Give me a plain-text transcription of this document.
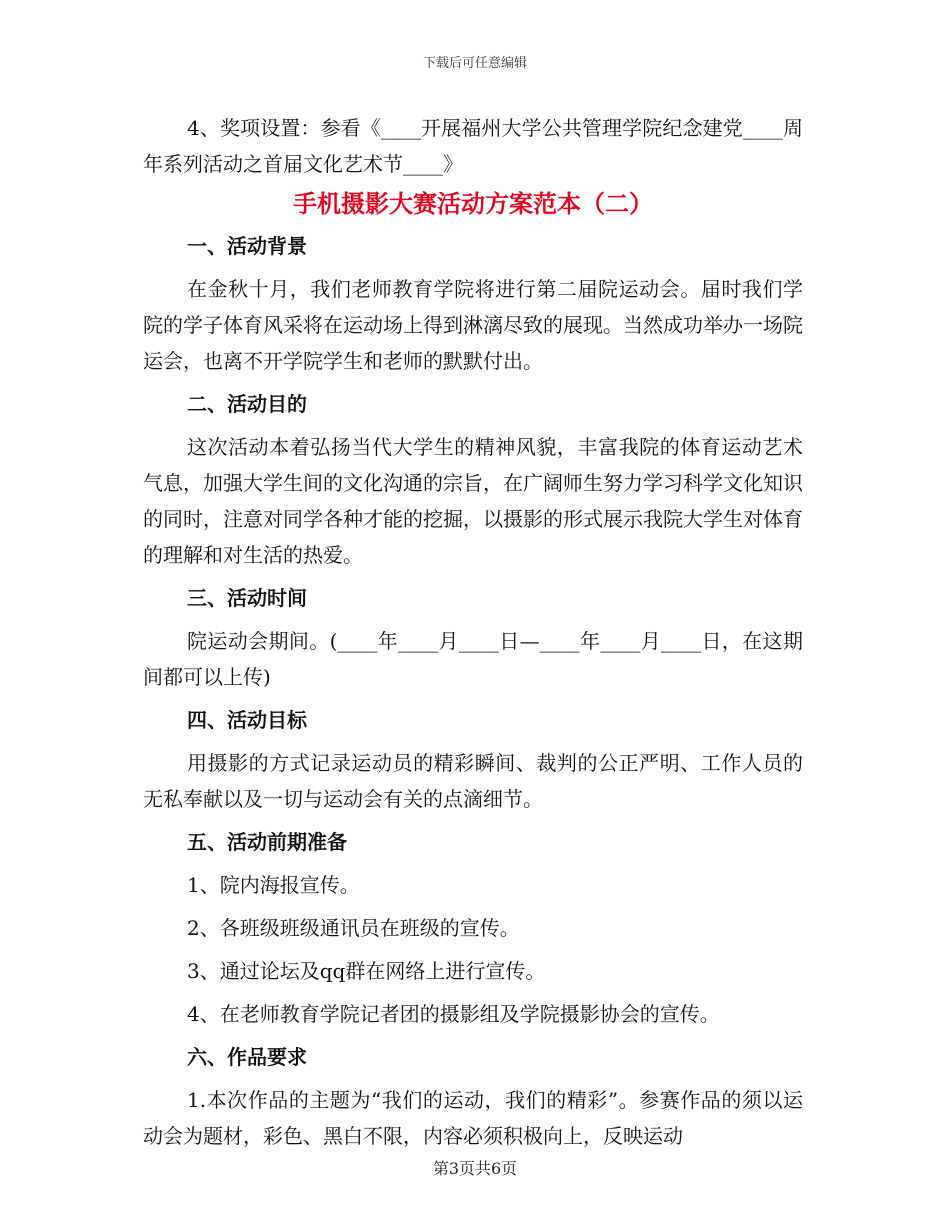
下载后可任意编辑

4、奖项设置：参看《____开展福州大学公共管理学院纪念建党____周年系列活动之首届文化艺术节____》

手机摄影大赛活动方案范本（二）

一、活动背景

在金秋十月，我们老师教育学院将进行第二届院运动会。届时我们学院的学子体育风采将在运动场上得到淋漓尽致的展现。当然成功举办一场院运会，也离不开学院学生和老师的默默付出。

二、活动目的

这次活动本着弘扬当代大学生的精神风貌，丰富我院的体育运动艺术气息，加强大学生间的文化沟通的宗旨，在广阔师生努力学习科学文化知识的同时，注意对同学各种才能的挖掘，以摄影的形式展示我院大学生对体育的理解和对生活的热爱。

三、活动时间

院运动会期间。(____年____月____日—____年____月____日，在这期间都可以上传)

四、活动目标

用摄影的方式记录运动员的精彩瞬间、裁判的公正严明、工作人员的无私奉献以及一切与运动会有关的点滴细节。

五、活动前期准备

1、院内海报宣传。

2、各班级班级通讯员在班级的宣传。

3、通过论坛及qq群在网络上进行宣传。

4、在老师教育学院记者团的摄影组及学院摄影协会的宣传。

六、作品要求

1.本次作品的主题为“我们的运动，我们的精彩”。参赛作品的须以运动会为题材，彩色、黑白不限，内容必须积极向上，反映运动

第3页共6页
